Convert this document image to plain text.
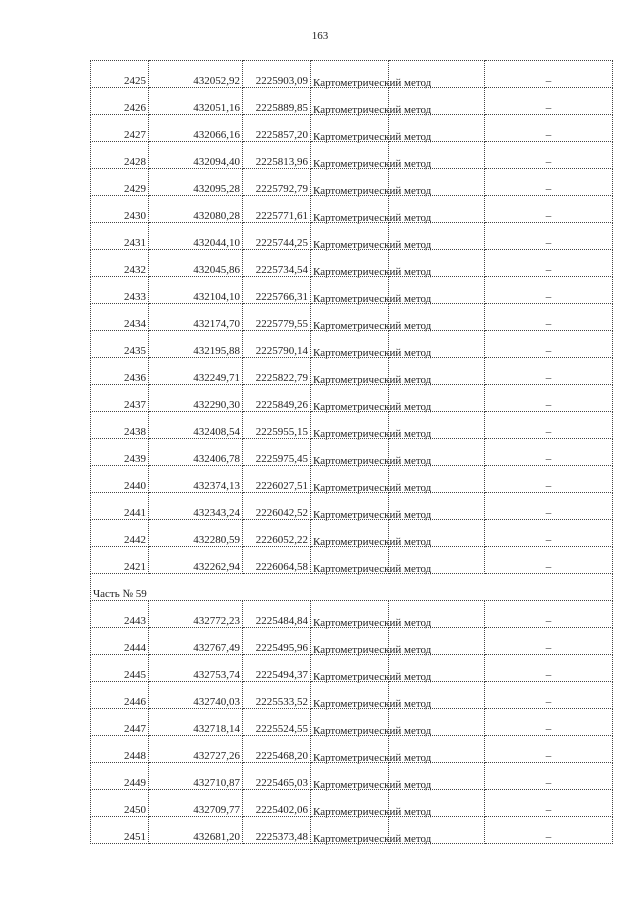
163
2425	432052,92	2225903,09	Картометрический метод		–
2426	432051,16	2225889,85	Картометрический метод		–
2427	432066,16	2225857,20	Картометрический метод		–
2428	432094,40	2225813,96	Картометрический метод		–
2429	432095,28	2225792,79	Картометрический метод		–
2430	432080,28	2225771,61	Картометрический метод		–
2431	432044,10	2225744,25	Картометрический метод		–
2432	432045,86	2225734,54	Картометрический метод		–
2433	432104,10	2225766,31	Картометрический метод		–
2434	432174,70	2225779,55	Картометрический метод		–
2435	432195,88	2225790,14	Картометрический метод		–
2436	432249,71	2225822,79	Картометрический метод		–
2437	432290,30	2225849,26	Картометрический метод		–
2438	432408,54	2225955,15	Картометрический метод		–
2439	432406,78	2225975,45	Картометрический метод		–
2440	432374,13	2226027,51	Картометрический метод		–
2441	432343,24	2226042,52	Картометрический метод		–
2442	432280,59	2226052,22	Картометрический метод		–
2421	432262,94	2226064,58	Картометрический метод		–
Часть № 59					
2443	432772,23	2225484,84	Картометрический метод		–
2444	432767,49	2225495,96	Картометрический метод		–
2445	432753,74	2225494,37	Картометрический метод		–
2446	432740,03	2225533,52	Картометрический метод		–
2447	432718,14	2225524,55	Картометрический метод		–
2448	432727,26	2225468,20	Картометрический метод		–
2449	432710,87	2225465,03	Картометрический метод		–
2450	432709,77	2225402,06	Картометрический метод		–
2451	432681,20	2225373,48	Картометрический метод		–
